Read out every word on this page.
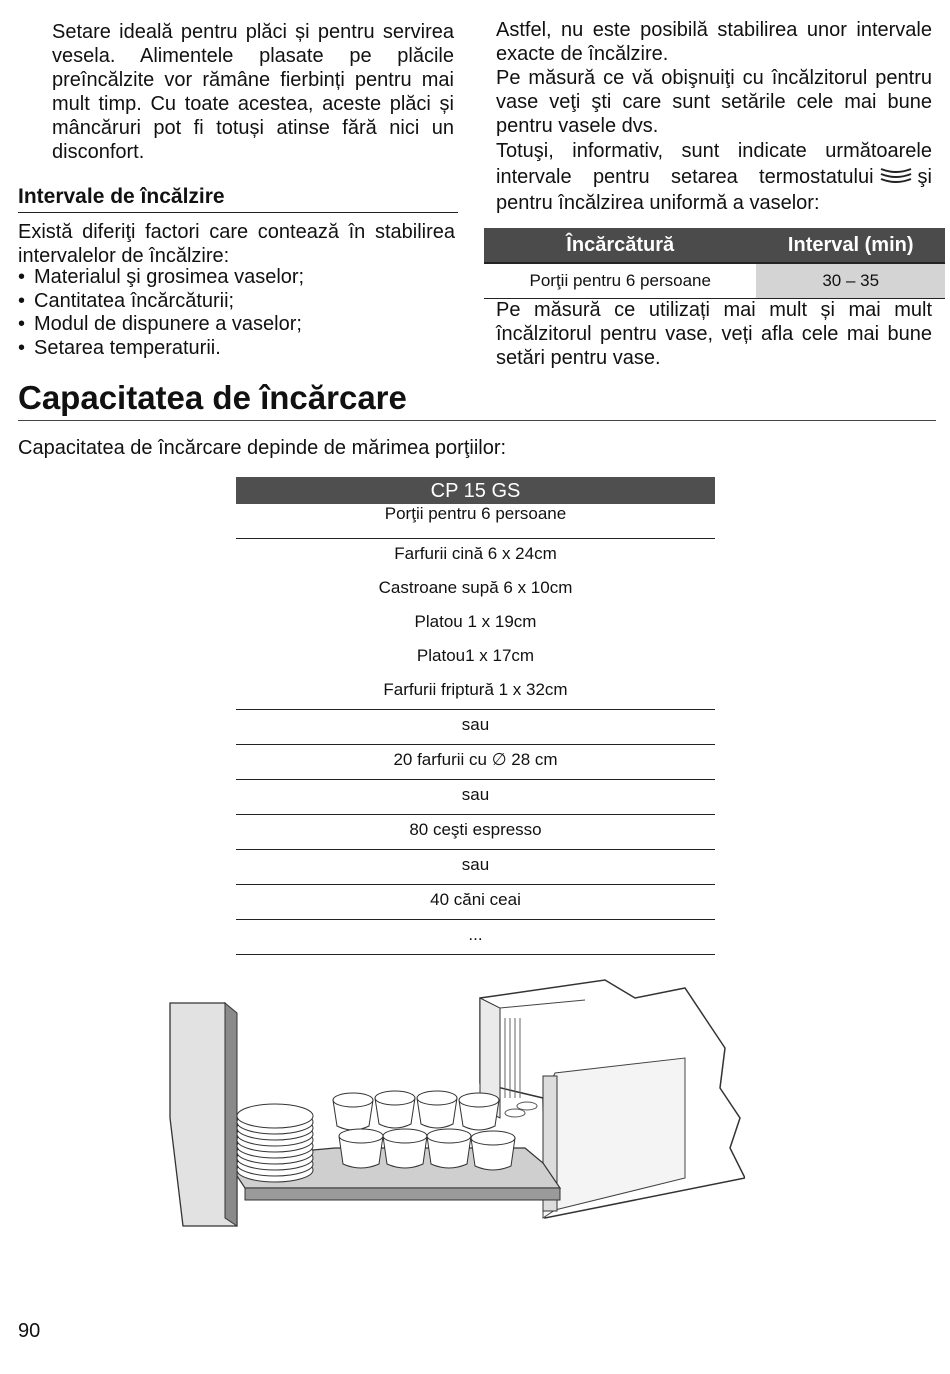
Setare ideală pentru plăci și pentru servirea vesela. Alimentele plasate pe plăcile preîncălzite vor rămâne fierbinți pentru mai mult timp. Cu toate acestea, aceste plăci și mâncăruri pot fi totuși atinse fără nici un disconfort.

Intervale de încălzire

Există diferiţi factori care contează în stabilirea intervalelor de încălzire:

• Materialul şi grosimea vaselor;
• Cantitatea încărcăturii;
• Modul de dispunere a vaselor;
• Setarea temperaturii.

Astfel, nu este posibilă stabilirea unor intervale exacte de încălzire.

Pe măsură ce vă obişnuiţi cu încălzitorul pentru vase veţi şti care sunt setările cele mai bune pentru vasele dvs.

Totuşi, informativ, sunt indicate următoarele intervale pentru setarea termostatului şi pentru încălzirea uniformă a vaselor:

Încărcătură	Interval (min)
Porţii pentru 6 persoane	30 – 35

Pe măsură ce utilizați mai mult și mai mult încălzitorul pentru vase, veți afla cele mai bune setări pentru vase.

Capacitatea de încărcare

Capacitatea de încărcare depinde de mărimea porţiilor:

CP 15 GS
Porţii pentru 6 persoane
Farfurii cină 6 x 24cm
Castroane supă 6 x 10cm
Platou 1 x 19cm
Platou1 x 17cm
Farfurii friptură 1 x 32cm
sau
20 farfurii cu ∅ 28 cm
sau
80 ceşti espresso
sau
40 căni ceai
...
90
